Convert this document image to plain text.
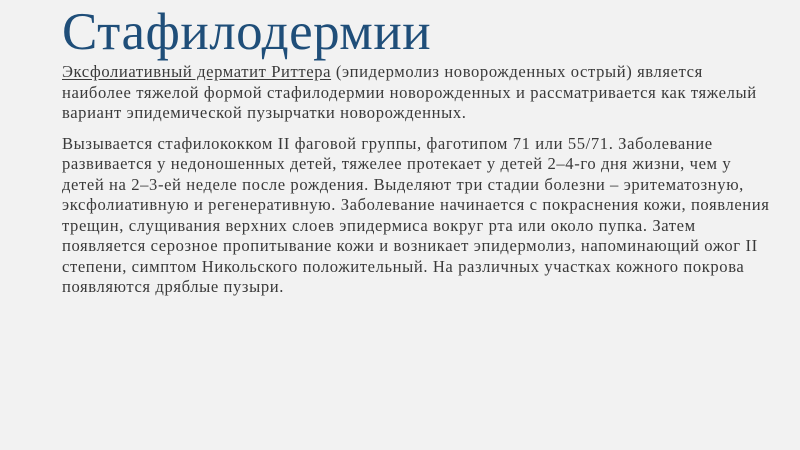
Стафилодермии

Эксфолиативный дерматит Риттера (эпидермолиз новорожденных острый) является наиболее тяжелой формой стафилодермии новорожденных и рассматривается как тяжелый вариант эпидемической пузырчатки новорожденных.

Вызывается стафилококком II фаговой группы, фаготипом 71 или 55/71. Заболевание развивается у недоношенных детей, тяжелее протекает у детей 2–4-го дня жизни, чем у детей на 2–3-ей неделе после рождения. Выделяют три стадии болезни – эритематозную, эксфолиативную и регенеративную. Заболевание начинается с покраснения кожи, появления трещин, слущивания верхних слоев эпидермиса вокруг рта или около пупка. Затем появляется серозное пропитывание кожи и возникает эпидермолиз, напоминающий ожог II степени, симптом Никольского положительный. На различных участках кожного покрова появляются дряблые пузыри.
